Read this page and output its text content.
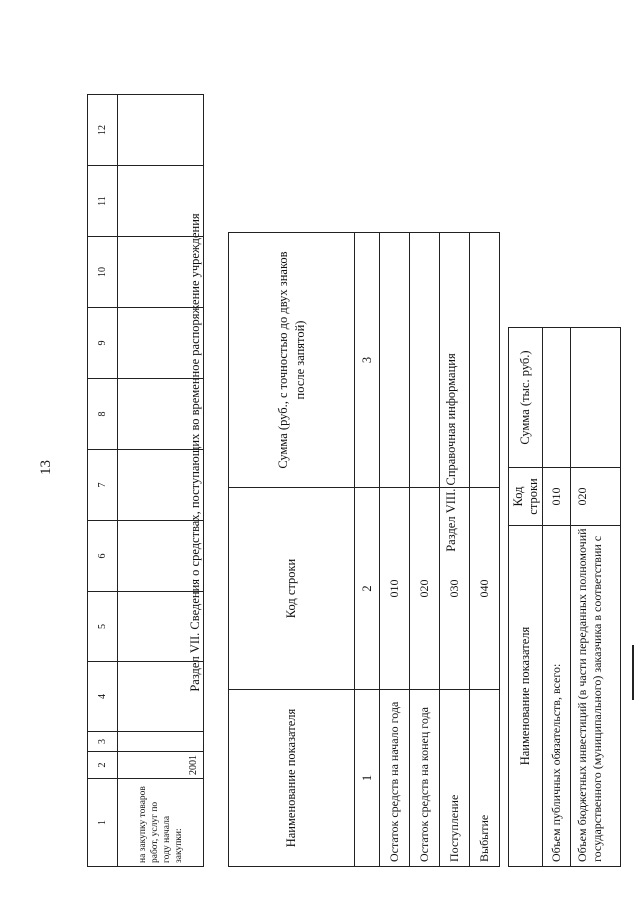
13
1	2	3	4	5	6	7	8	9	10	11	12
на закупку товаров работ, услуг по году начала закупки:	2001										
Раздел VII. Сведения о средствах, поступающих во временное распоряжение учреждения
Наименование показателя	Код строки	Сумма (руб., с точностью до двух знаков после запятой)
1	2	3
Остаток средств на начало года	010	
Остаток средств на конец года	020	
Поступление	030	
Выбытие	040	
Раздел VIII. Справочная информация
Наименование показателя	Код строки	Сумма (тыс. руб.)
Объем публичных обязательств, всего:	010	
Объем бюджетных инвестиций (в части переданных полномочий государственного (муниципального) заказчика в соответствии с	020	
